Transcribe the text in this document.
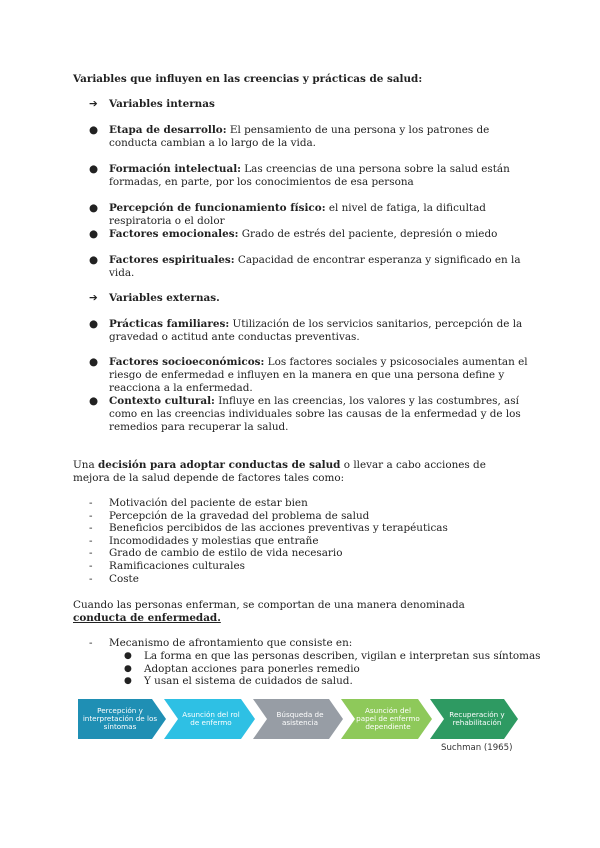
Variables que influyen en las creencias y prácticas de salud:
➔ Variables internas
● Etapa de desarrollo: El pensamiento de una persona y los patrones de conducta cambian a lo largo de la vida.
● Formación intelectual: Las creencias de una persona sobre la salud están formadas, en parte, por los conocimientos de esa persona
● Percepción de funcionamiento físico: el nivel de fatiga, la dificultad respiratoria o el dolor
● Factores emocionales: Grado de estrés del paciente, depresión o miedo
● Factores espirituales: Capacidad de encontrar esperanza y significado en la vida.
➔ Variables externas.
● Prácticas familiares: Utilización de los servicios sanitarios, percepción de la gravedad o actitud ante conductas preventivas.
● Factores socioeconómicos: Los factores sociales y psicosociales aumentan el riesgo de enfermedad e influyen en la manera en que una persona define y reacciona a la enfermedad.
● Contexto cultural: Influye en las creencias, los valores y las costumbres, así como en las creencias individuales sobre las causas de la enfermedad y de los remedios para recuperar la salud.
Una decisión para adoptar conductas de salud o llevar a cabo acciones de mejora de la salud depende de factores tales como:
- Motivación del paciente de estar bien
- Percepción de la gravedad del problema de salud
- Beneficios percibidos de las acciones preventivas y terapéuticas
- Incomodidades y molestias que entrañe
- Grado de cambio de estilo de vida necesario
- Ramificaciones culturales
- Coste
Cuando las personas enferman, se comportan de una manera denominada conducta de enfermedad.
- Mecanismo de afrontamiento que consiste en:
● La forma en que las personas describen, vigilan e interpretan sus síntomas
● Adoptan acciones para ponerles remedio
● Y usan el sistema de cuidados de salud.
Percepción y interpretación de los síntomas
Asunción del rol de enfermo
Búsqueda de asistencia
Asunción del papel de enfermo dependiente
Recuperación y rehabilitación
Suchman (1965)
